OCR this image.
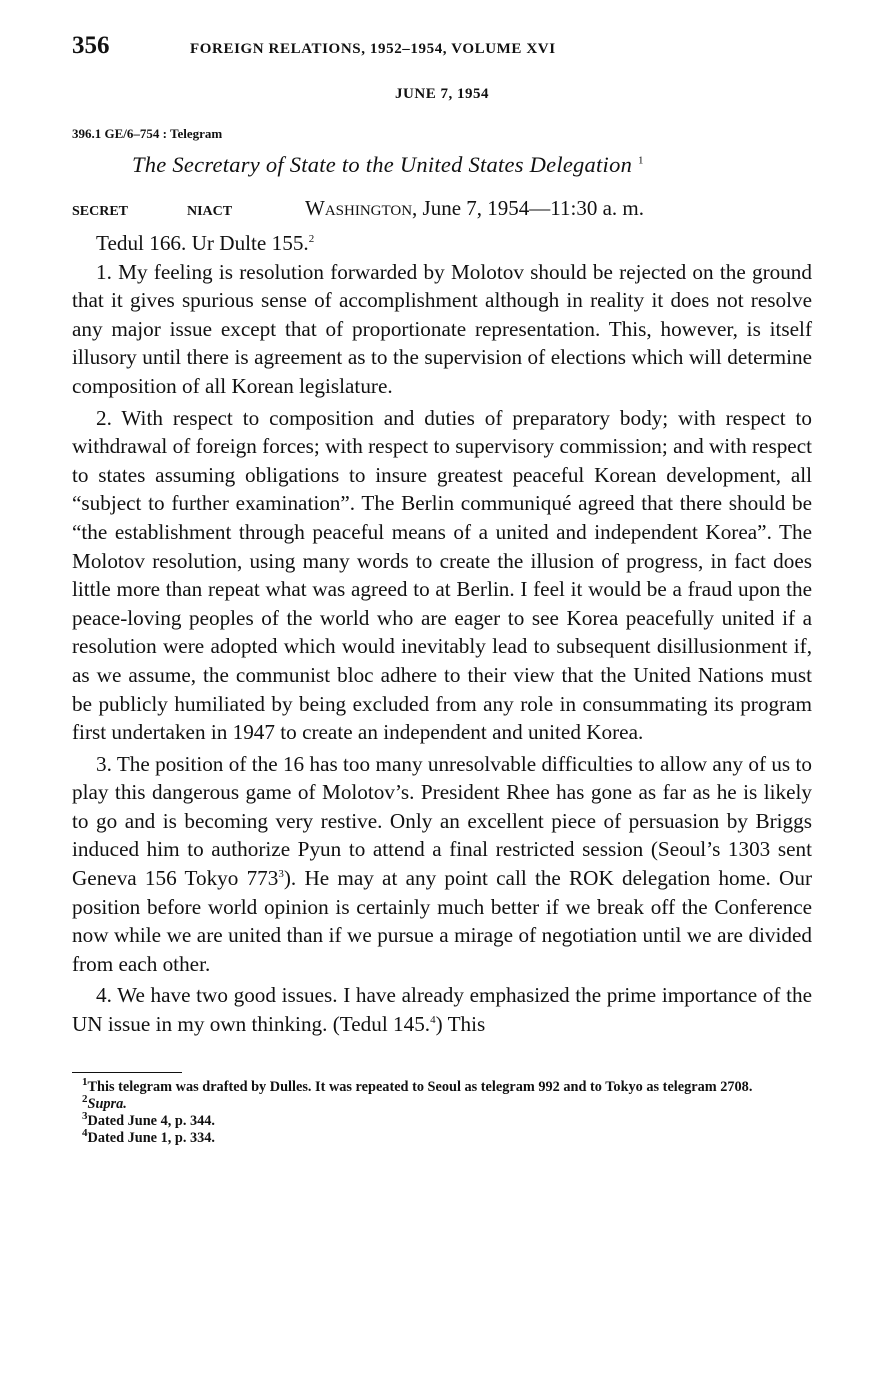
356	FOREIGN RELATIONS, 1952–1954, VOLUME XVI
JUNE 7, 1954
396.1 GE/6–754 : Telegram
The Secretary of State to the United States Delegation $^1$
SECRET	NIACT	Washington, June 7, 1954—11:30 a. m.

Tedul 166. Ur Dulte 155.$^2$

1. My feeling is resolution forwarded by Molotov should be rejected on the ground that it gives spurious sense of accomplishment although in reality it does not resolve any major issue except that of proportionate representation. This, however, is itself illusory until there is agreement as to the supervision of elections which will determine composition of all Korean legislature.

2. With respect to composition and duties of preparatory body; with respect to withdrawal of foreign forces; with respect to supervisory commission; and with respect to states assuming obligations to insure greatest peaceful Korean development, all “subject to further examination”. The Berlin communiqué agreed that there should be “the establishment through peaceful means of a united and independent Korea”. The Molotov resolution, using many words to create the illusion of progress, in fact does little more than repeat what was agreed to at Berlin. I feel it would be a fraud upon the peace-loving peoples of the world who are eager to see Korea peacefully united if a resolution were adopted which would inevitably lead to subsequent disillusionment if, as we assume, the communist bloc adhere to their view that the United Nations must be publicly humiliated by being excluded from any role in consummating its program first undertaken in 1947 to create an independent and united Korea.

3. The position of the 16 has too many unresolvable difficulties to allow any of us to play this dangerous game of Molotov’s. President Rhee has gone as far as he is likely to go and is becoming very restive. Only an excellent piece of persuasion by Briggs induced him to authorize Pyun to attend a final restricted session (Seoul’s 1303 sent Geneva 156 Tokyo $773^3$). He may at any point call the ROK delegation home. Our position before world opinion is certainly much better if we break off the Conference now while we are united than if we pursue a mirage of negotiation until we are divided from each other.

4. We have two good issues. I have already emphasized the prime importance of the UN issue in my own thinking. (Tedul 145.$^4$) This

$^1$This telegram was drafted by Dulles. It was repeated to Seoul as telegram 992 and to Tokyo as telegram 2708.
$^2$Supra.
$^3$Dated June 4, p. 344.
$^4$Dated June 1, p. 334.
